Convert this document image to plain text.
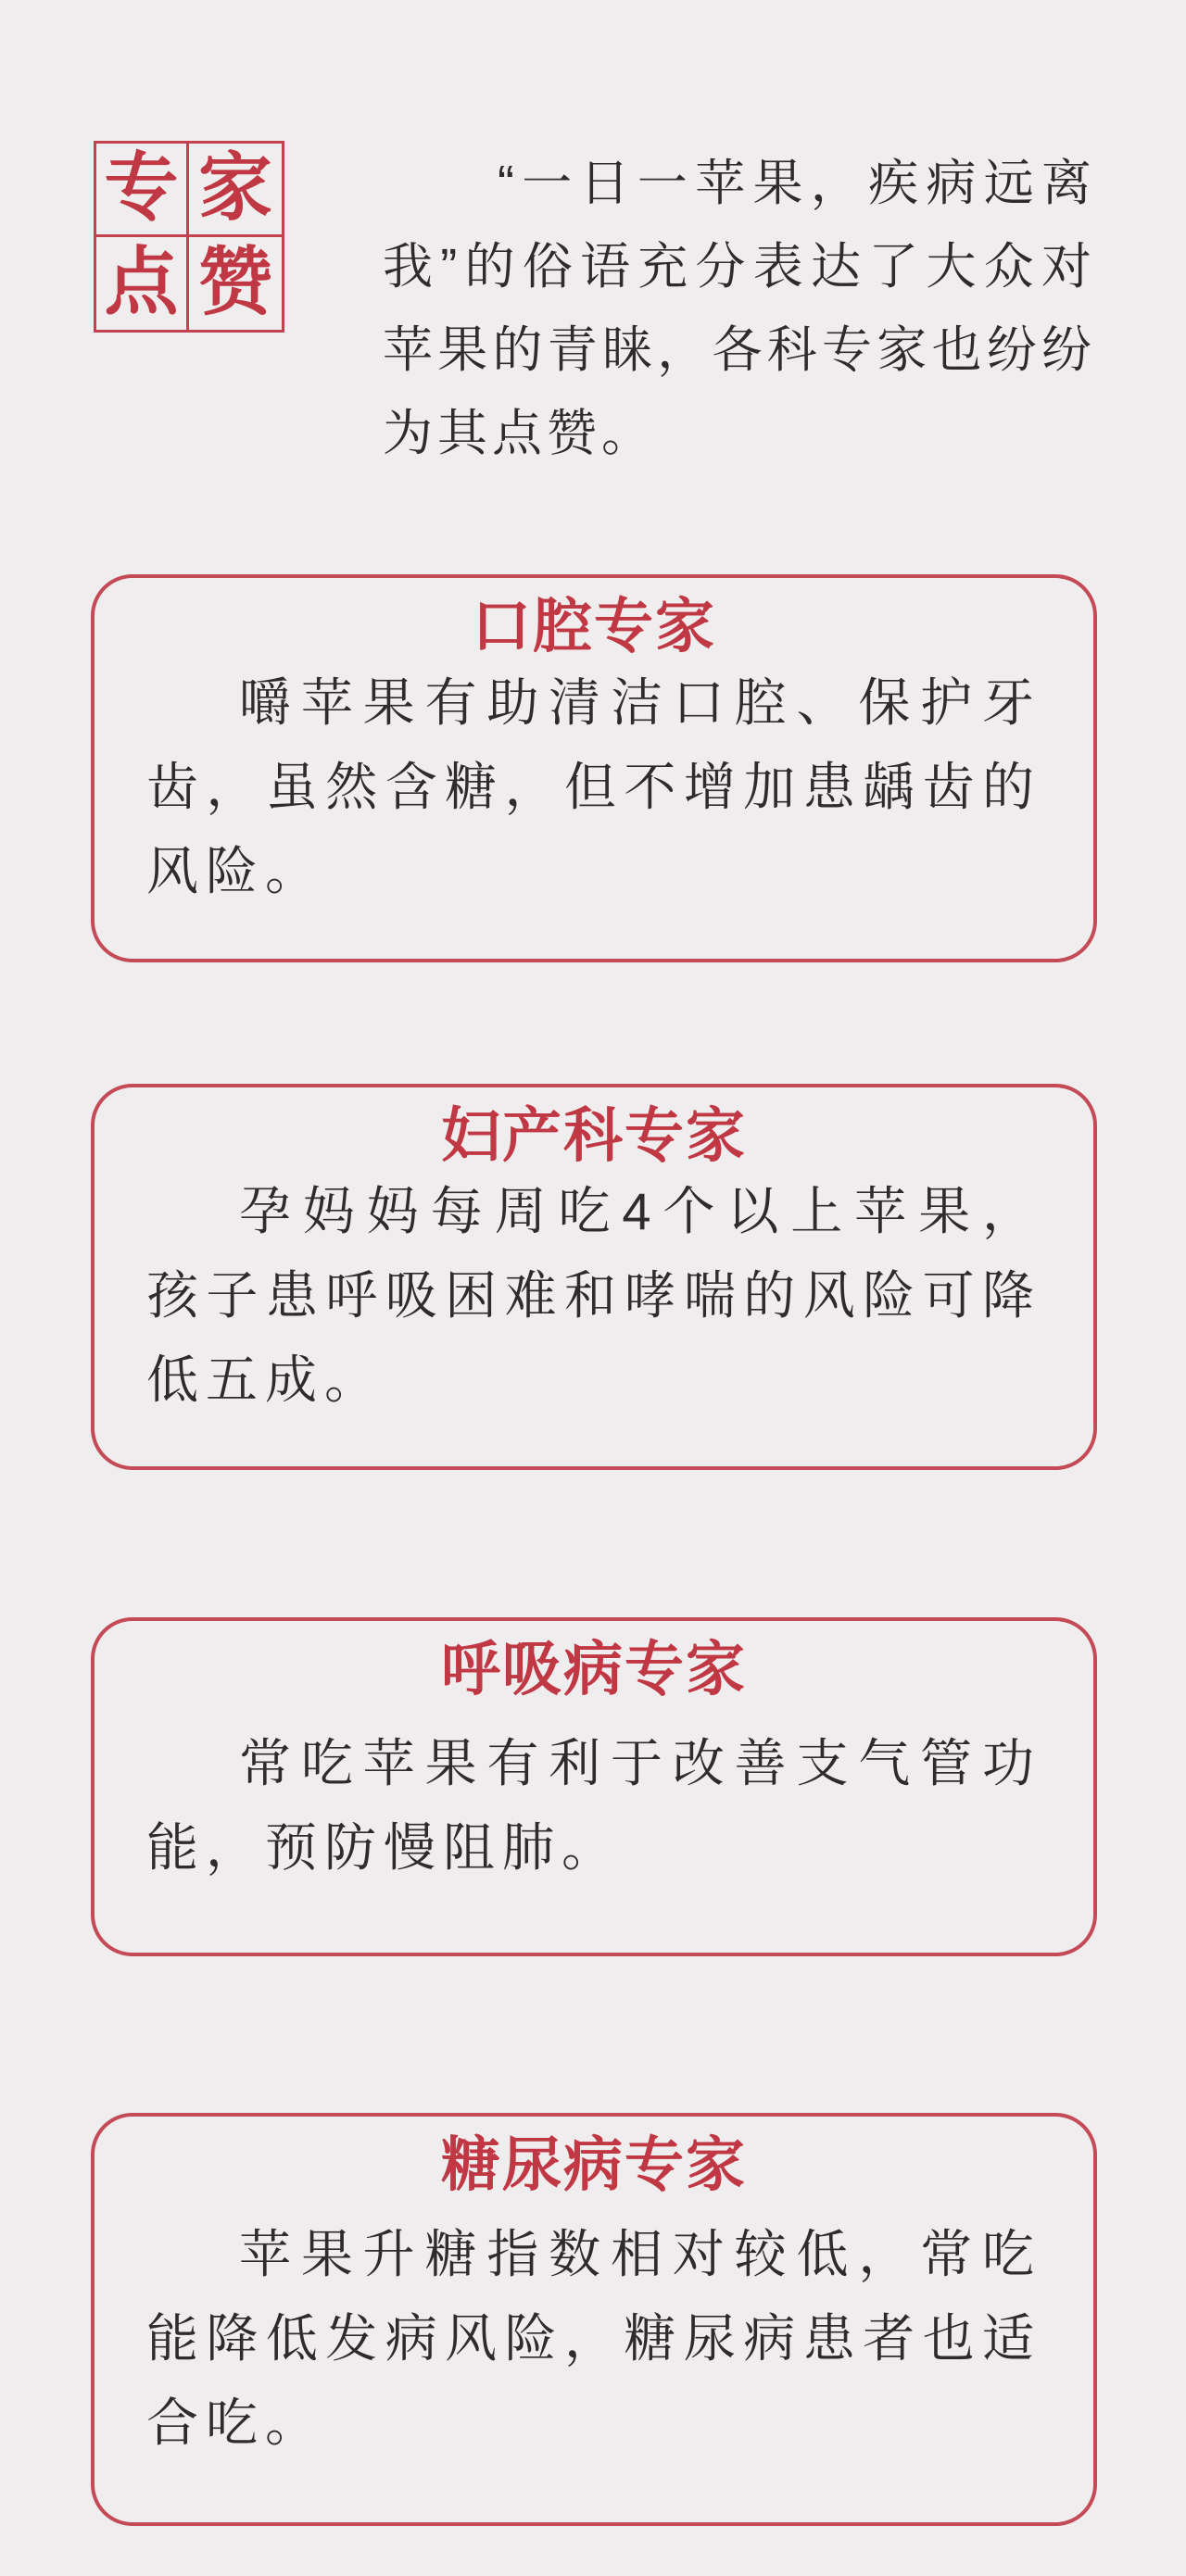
专 家
点 赞

“一日一苹果，疾病远离我”的俗语充分表达了大众对苹果的青睐，各科专家也纷纷为其点赞。

口腔专家

嚼苹果有助清洁口腔、保护牙齿，虽然含糖，但不增加患龋齿的风险。

妇产科专家

孕妈妈每周吃4个以上苹果，孩子患呼吸困难和哮喘的风险可降低五成。

呼吸病专家

常吃苹果有利于改善支气管功能，预防慢阻肺。

糖尿病专家

苹果升糖指数相对较低，常吃能降低发病风险，糖尿病患者也适合吃。
